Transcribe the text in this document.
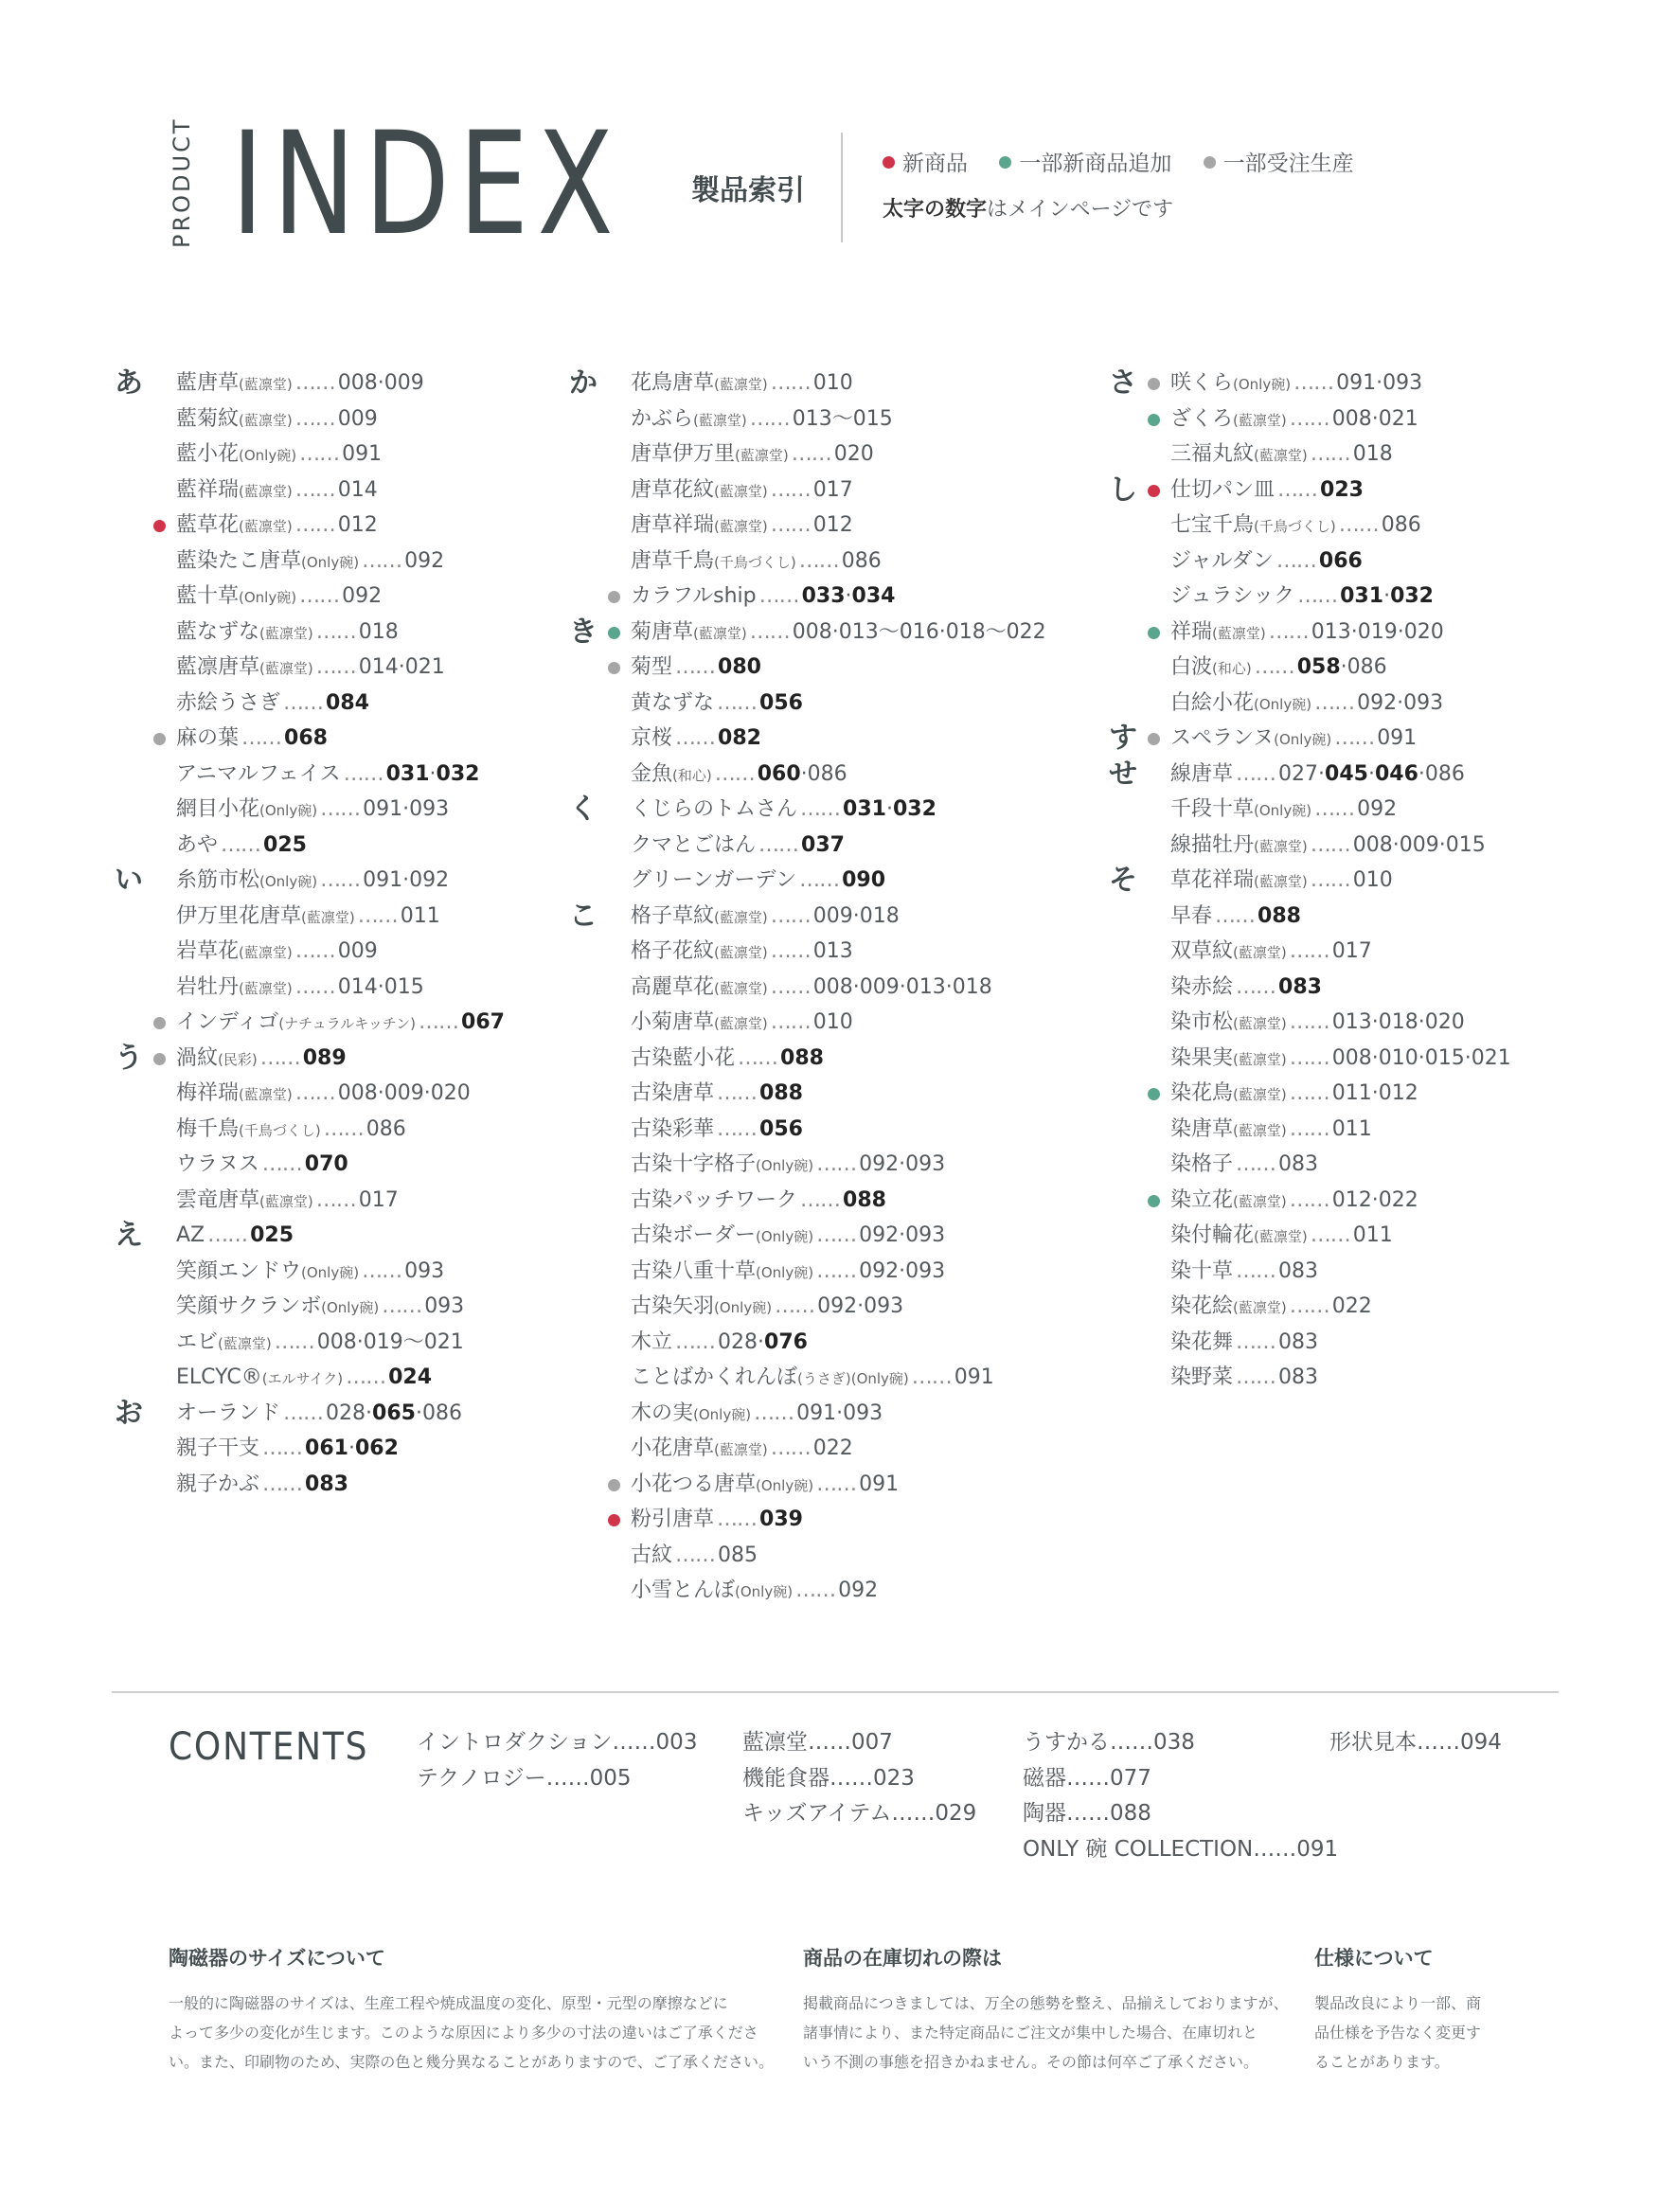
PRODUCT INDEX 製品索引
新商品 一部新商品追加 一部受注生産
太字の数字はメインページです
あ 藍唐草(藍凛堂) …… 008·009
藍菊紋(藍凛堂) …… 009
藍小花(Only碗) …… 091
藍祥瑞(藍凛堂) …… 014
藍草花(藍凛堂) …… 012
藍染たこ唐草(Only碗) …… 092
藍十草(Only碗) …… 092
藍なずな(藍凛堂) …… 018
藍凛唐草(藍凛堂) …… 014·021
赤絵うさぎ …… 084
麻の葉 …… 068
アニマルフェイス …… 031·032
網目小花(Only碗) …… 091·093
あや …… 025
い 糸筋市松(Only碗) …… 091·092
伊万里花唐草(藍凛堂) …… 011
岩草花(藍凛堂) …… 009
岩牡丹(藍凛堂) …… 014·015
インディゴ(ナチュラルキッチン) …… 067
う 渦紋(民彩) …… 089
梅祥瑞(藍凛堂) …… 008·009·020
梅千鳥(千鳥づくし) …… 086
ウラヌス …… 070
雲竜唐草(藍凛堂) …… 017
え AZ …… 025
笑顔エンドウ(Only碗) …… 093
笑顔サクランボ(Only碗) …… 093
エビ(藍凛堂) …… 008·019〜021
ELCYC®(エルサイク) …… 024
お オーランド …… 028·065·086
親子干支 …… 061·062
親子かぶ …… 083
か 花鳥唐草(藍凛堂) …… 010
かぶら(藍凛堂) …… 013〜015
唐草伊万里(藍凛堂) …… 020
唐草花紋(藍凛堂) …… 017
唐草祥瑞(藍凛堂) …… 012
唐草千鳥(千鳥づくし) …… 086
カラフルship …… 033·034
き 菊唐草(藍凛堂) …… 008·013〜016·018〜022
菊型 …… 080
黄なずな …… 056
京桜 …… 082
金魚(和心) …… 060·086
く くじらのトムさん …… 031·032
クマとごはん …… 037
グリーンガーデン …… 090
こ 格子草紋(藍凛堂) …… 009·018
格子花紋(藍凛堂) …… 013
高麗草花(藍凛堂) …… 008·009·013·018
小菊唐草(藍凛堂) …… 010
古染藍小花 …… 088
古染唐草 …… 088
古染彩華 …… 056
古染十字格子(Only碗) …… 092·093
古染パッチワーク …… 088
古染ボーダー(Only碗) …… 092·093
古染八重十草(Only碗) …… 092·093
古染矢羽(Only碗) …… 092·093
木立 …… 028·076
ことばかくれんぼ(うさぎ)(Only碗) …… 091
木の実(Only碗) …… 091·093
小花唐草(藍凛堂) …… 022
小花つる唐草(Only碗) …… 091
粉引唐草 …… 039
古紋 …… 085
小雪とんぼ(Only碗) …… 092
さ 咲くら(Only碗) …… 091·093
ざくろ(藍凛堂) …… 008·021
三福丸紋(藍凛堂) …… 018
し 仕切パン皿 …… 023
七宝千鳥(千鳥づくし) …… 086
ジャルダン …… 066
ジュラシック …… 031·032
祥瑞(藍凛堂) …… 013·019·020
白波(和心) …… 058·086
白絵小花(Only碗) …… 092·093
す スペランヌ(Only碗) …… 091
せ 線唐草 …… 027·045·046·086
千段十草(Only碗) …… 092
線描牡丹(藍凛堂) …… 008·009·015
そ 草花祥瑞(藍凛堂) …… 010
早春 …… 088
双草紋(藍凛堂) …… 017
染赤絵 …… 083
染市松(藍凛堂) …… 013·018·020
染果実(藍凛堂) …… 008·010·015·021
染花鳥(藍凛堂) …… 011·012
染唐草(藍凛堂) …… 011
染格子 …… 083
染立花(藍凛堂) …… 012·022
染付輪花(藍凛堂) …… 011
染十草 …… 083
染花絵(藍凛堂) …… 022
染花舞 …… 083
染野菜 …… 083
CONTENTS イントロダクション……003
テクノロジー……005
藍凛堂……007
機能食器……023
キッズアイテム……029
うすかる……038
磁器……077
陶器……088
ONLY 碗 COLLECTION……091
形状見本……094
陶磁器のサイズについて

一般的に陶磁器のサイズは、生産工程や焼成温度の変化、原型・元型の摩擦などに
よって多少の変化が生じます。このような原因により多少の寸法の違いはご了承くださ
い。また、印刷物のため、実際の色と幾分異なることがありますので、ご了承ください。

商品の在庫切れの際は

掲載商品につきましては、万全の態勢を整え、品揃えしておりますが、
諸事情により、また特定商品にご注文が集中した場合、在庫切れと
いう不測の事態を招きかねません。その節は何卒ご了承ください。

仕様について

製品改良により一部、商
品仕様を予告なく変更す
ることがあります。
